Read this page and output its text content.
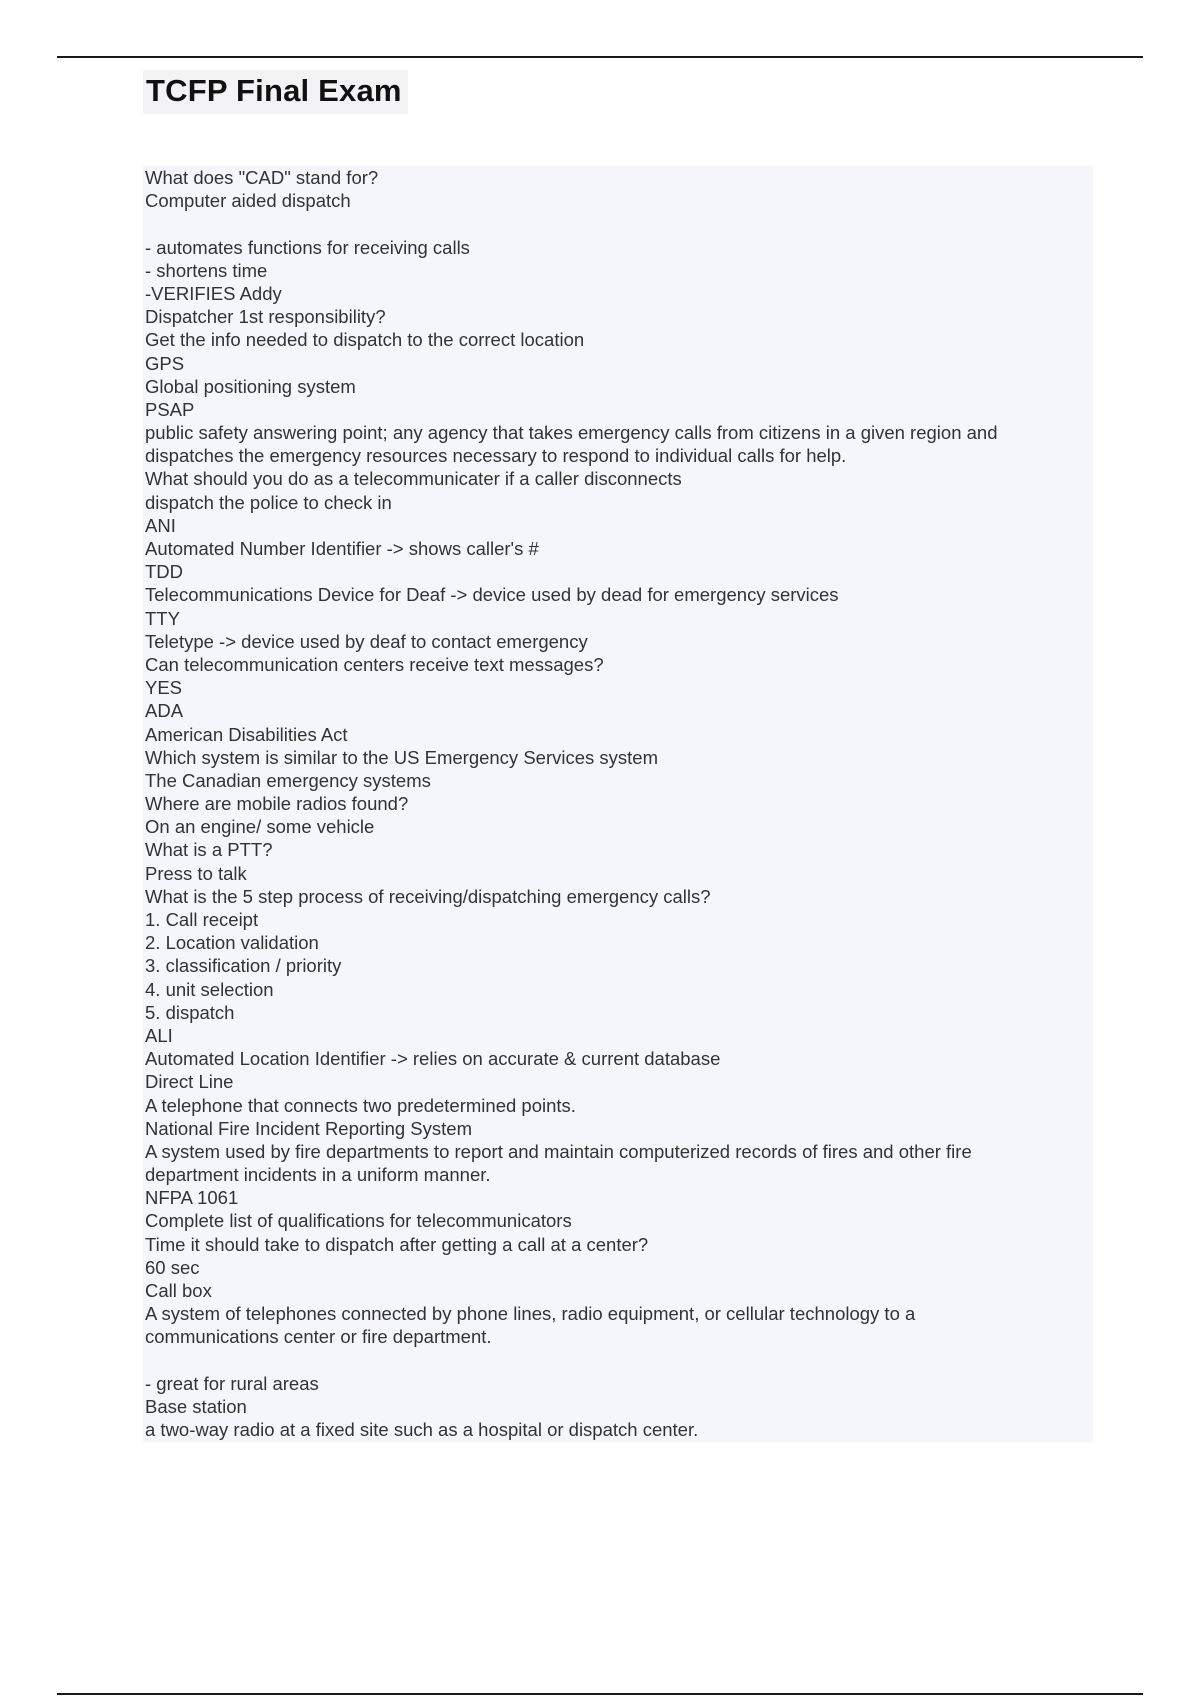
TCFP Final Exam
What does "CAD" stand for?
Computer aided dispatch
- automates functions for receiving calls
- shortens time
-VERIFIES Addy
Dispatcher 1st responsibility?
Get the info needed to dispatch to the correct location
GPS
Global positioning system
PSAP
public safety answering point; any agency that takes emergency calls from citizens in a given region and
dispatches the emergency resources necessary to respond to individual calls for help.
What should you do as a telecommunicater if a caller disconnects
dispatch the police to check in
ANI
Automated Number Identifier -> shows caller's #
TDD
Telecommunications Device for Deaf -> device used by dead for emergency services
TTY
Teletype -> device used by deaf to contact emergency
Can telecommunication centers receive text messages?
YES
ADA
American Disabilities Act
Which system is similar to the US Emergency Services system
The Canadian emergency systems
Where are mobile radios found?
On an engine/ some vehicle
What is a PTT?
Press to talk
What is the 5 step process of receiving/dispatching emergency calls?
1. Call receipt
2. Location validation
3. classification / priority
4. unit selection
5. dispatch
ALI
Automated Location Identifier -> relies on accurate & current database
Direct Line
A telephone that connects two predetermined points.
National Fire Incident Reporting System
A system used by fire departments to report and maintain computerized records of fires and other fire
department incidents in a uniform manner.
NFPA 1061
Complete list of qualifications for telecommunicators
Time it should take to dispatch after getting a call at a center?
60 sec
Call box
A system of telephones connected by phone lines, radio equipment, or cellular technology to a
communications center or fire department.
- great for rural areas
Base station
a two-way radio at a fixed site such as a hospital or dispatch center.
